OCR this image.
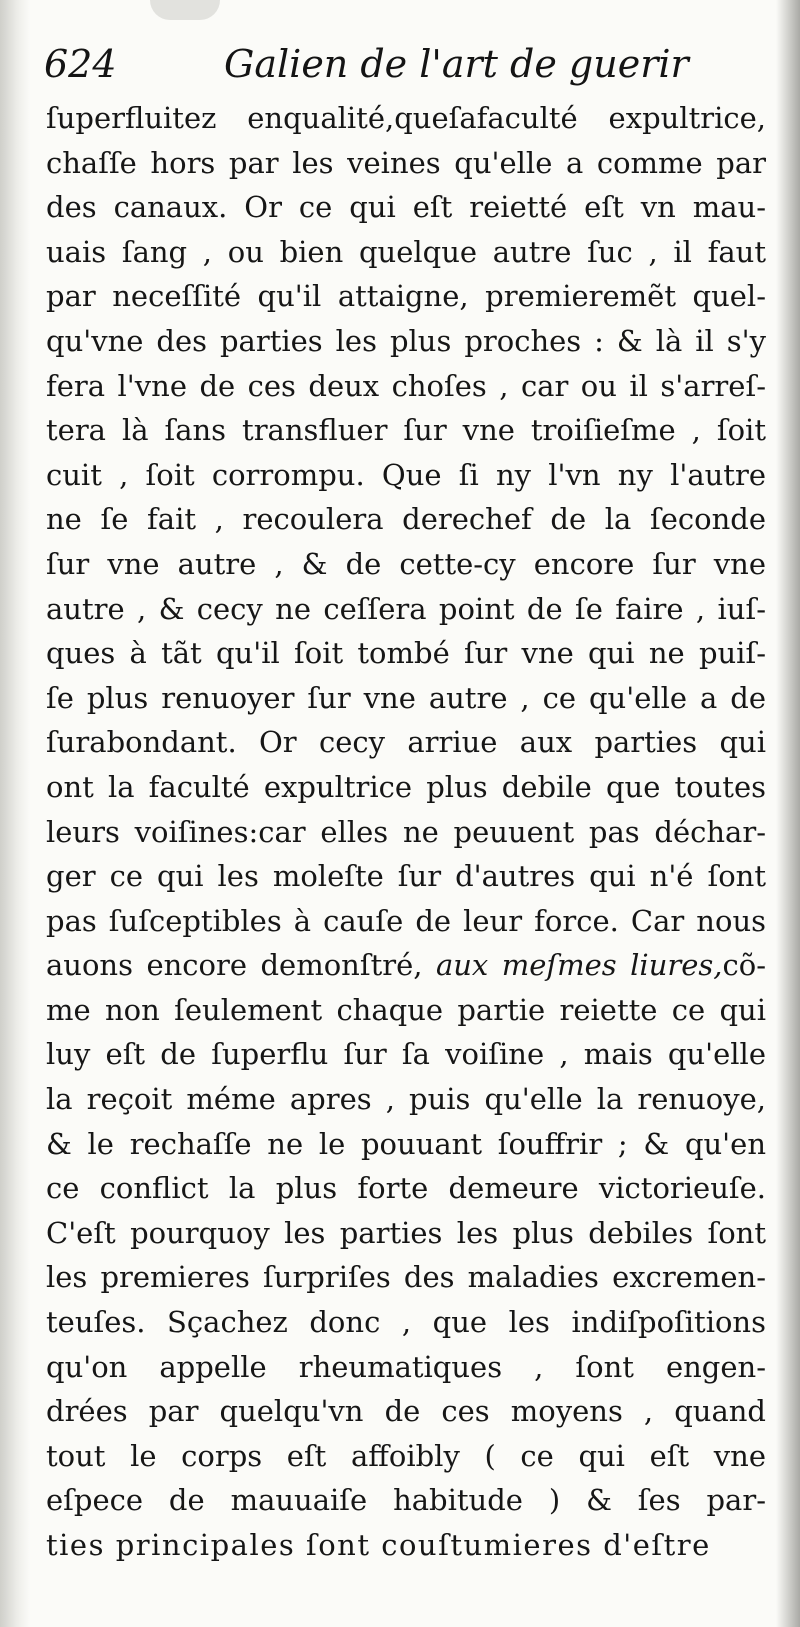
624	Galien de l'art de guerir
ſuperfluitez enqualité,queſafaculté expultrice,
chaſſe hors par les veines qu'elle a comme par
des canaux. Or ce qui eſt reietté eſt vn mau-
uais ſang , ou bien quelque autre ſuc , il faut
par neceſſité qu'il attaigne, premieremẽt quel-
qu'vne des parties les plus proches : & là il s'y
fera l'vne de ces deux choſes , car ou il s'arreſ-
tera là ſans transfluer ſur vne troiſieſme , ſoit
cuit , ſoit corrompu. Que ſi ny l'vn ny l'autre
ne ſe fait , recoulera derechef de la ſeconde
ſur vne autre , & de cette-cy encore ſur vne
autre , & cecy ne ceſſera point de ſe faire , iuſ-
ques à tãt qu'il ſoit tombé ſur vne qui ne puiſ-
ſe plus renuoyer ſur vne autre , ce qu'elle a de
ſurabondant. Or cecy arriue aux parties qui
ont la faculté expultrice plus debile que toutes
leurs voiſines:car elles ne peuuent pas déchar-
ger ce qui les moleſte ſur d'autres qui n'é ſont
pas ſuſceptibles à cauſe de leur force. Car nous
auons encore demonſtré, aux meſmes liures,cõ-
me non ſeulement chaque partie reiette ce qui
luy eſt de ſuperflu ſur ſa voiſine , mais qu'elle
la reçoit méme apres , puis qu'elle la renuoye,
& le rechaſſe ne le pouuant ſouffrir ; & qu'en
ce conflict la plus forte demeure victorieuſe.
C'eſt pourquoy les parties les plus debiles ſont
les premieres ſurpriſes des maladies excremen-
teuſes. Sçachez donc , que les indiſpoſitions
qu'on appelle rheumatiques , ſont engen-
drées par quelqu'vn de ces moyens , quand
tout le corps eſt affoibly ( ce qui eſt vne
eſpece de mauuaiſe habitude ) & ſes par-
ties principales ſont couſtumieres d'eſtre
